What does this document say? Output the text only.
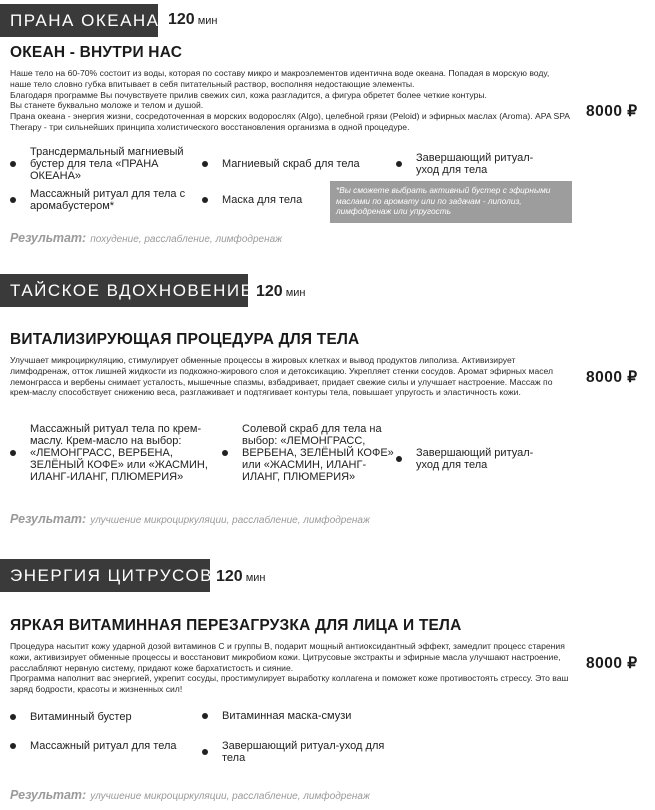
ПРАНА ОКЕАНА 120 мин
ОКЕАН - ВНУТРИ НАС

Наше тело на 60-70% состоит из воды, которая по составу микро и макроэлементов идентична воде океана. Попадая в морскую воду, наше тело словно губка впитывает в себя питательный раствор, восполняя недостающие элементы.

Благодаря программе Вы почувствуете прилив свежих сил, кожа разгладится, а фигура обретет более четкие контуры.

Вы станете буквально моложе и телом и душой.

Прана океана - энергия жизни, сосредоточенная в морских водорослях (Algo), целебной грязи (Peloid) и эфирных маслах (Aroma). APA SPA Therapy - три сильнейших принципа холистического восстановления организма в одной процедуре.

8000 ₽
Трансдермальный магниевый бустер для тела «ПРАНА ОКЕАНА»
Магниевый скраб для тела	Завершающий ритуал-уход для тела
Массажный ритуал для тела с аромабустером*	Маска для тела
*Вы сможете выбрать активный бустер с эфирными маслами по аромату или по задачам - липолиз, лимфодренаж или упругость
Результат: похудение, расслабление, лимфодренаж
ТАЙСКОЕ ВДОХНОВЕНИЕ 120 мин
ВИТАЛИЗИРУЮЩАЯ ПРОЦЕДУРА ДЛЯ ТЕЛА

Улучшает микроциркуляцию, стимулирует обменные процессы в жировых клетках и вывод продуктов липолиза. Активизирует лимфодренаж, отток лишней жидкости из подкожно-жирового слоя и детоксикацию. Укрепляет стенки сосудов. Аромат эфирных масел лемонграсса и вербены снимает усталость, мышечные спазмы, взбадривает, придает свежие силы и улучшает настроение. Массаж по крем-маслу способствует снижению веса, разглаживает и подтягивает контуры тела, повышает упругость и эластичность кожи.

8000 ₽
Массажный ритуал тела по крем-маслу. Крем-масло на выбор: «ЛЕМОНГРАСС, ВЕРБЕНА, ЗЕЛЁНЫЙ КОФЕ» или «ЖАСМИН, ИЛАНГ-ИЛАНГ, ПЛЮМЕРИЯ»
Солевой скраб для тела на выбор: «ЛЕМОНГРАСС, ВЕРБЕНА, ЗЕЛЁНЫЙ КОФЕ» или «ЖАСМИН, ИЛАНГ-ИЛАНГ, ПЛЮМЕРИЯ»
Завершающий ритуал-уход для тела
Результат: улучшение микроциркуляции, расслабление, лимфодренаж
ЭНЕРГИЯ ЦИТРУСОВ 120 мин
ЯРКАЯ ВИТАМИННАЯ ПЕРЕЗАГРУЗКА ДЛЯ ЛИЦА И ТЕЛА

Процедура насытит кожу ударной дозой витаминов С и группы В, подарит мощный антиоксидантный эффект, замедлит процесс старения кожи, активизирует обменные процессы и восстановит микробиом кожи. Цитрусовые экстракты и эфирные масла улучшают настроение, расслабляют нервную систему, придают коже бархатистость и сияние.

Программа наполнит вас энергией, укрепит сосуды, простимулирует выработку коллагена и поможет коже противостоять стрессу. Это ваш заряд бодрости, красоты и жизненных сил!

8000 ₽
Витаминный бустер	Витаминная маска-смузи
Массажный ритуал для тела	Завершающий ритуал-уход для тела
Результат: улучшение микроциркуляции, расслабление, лимфодренаж
